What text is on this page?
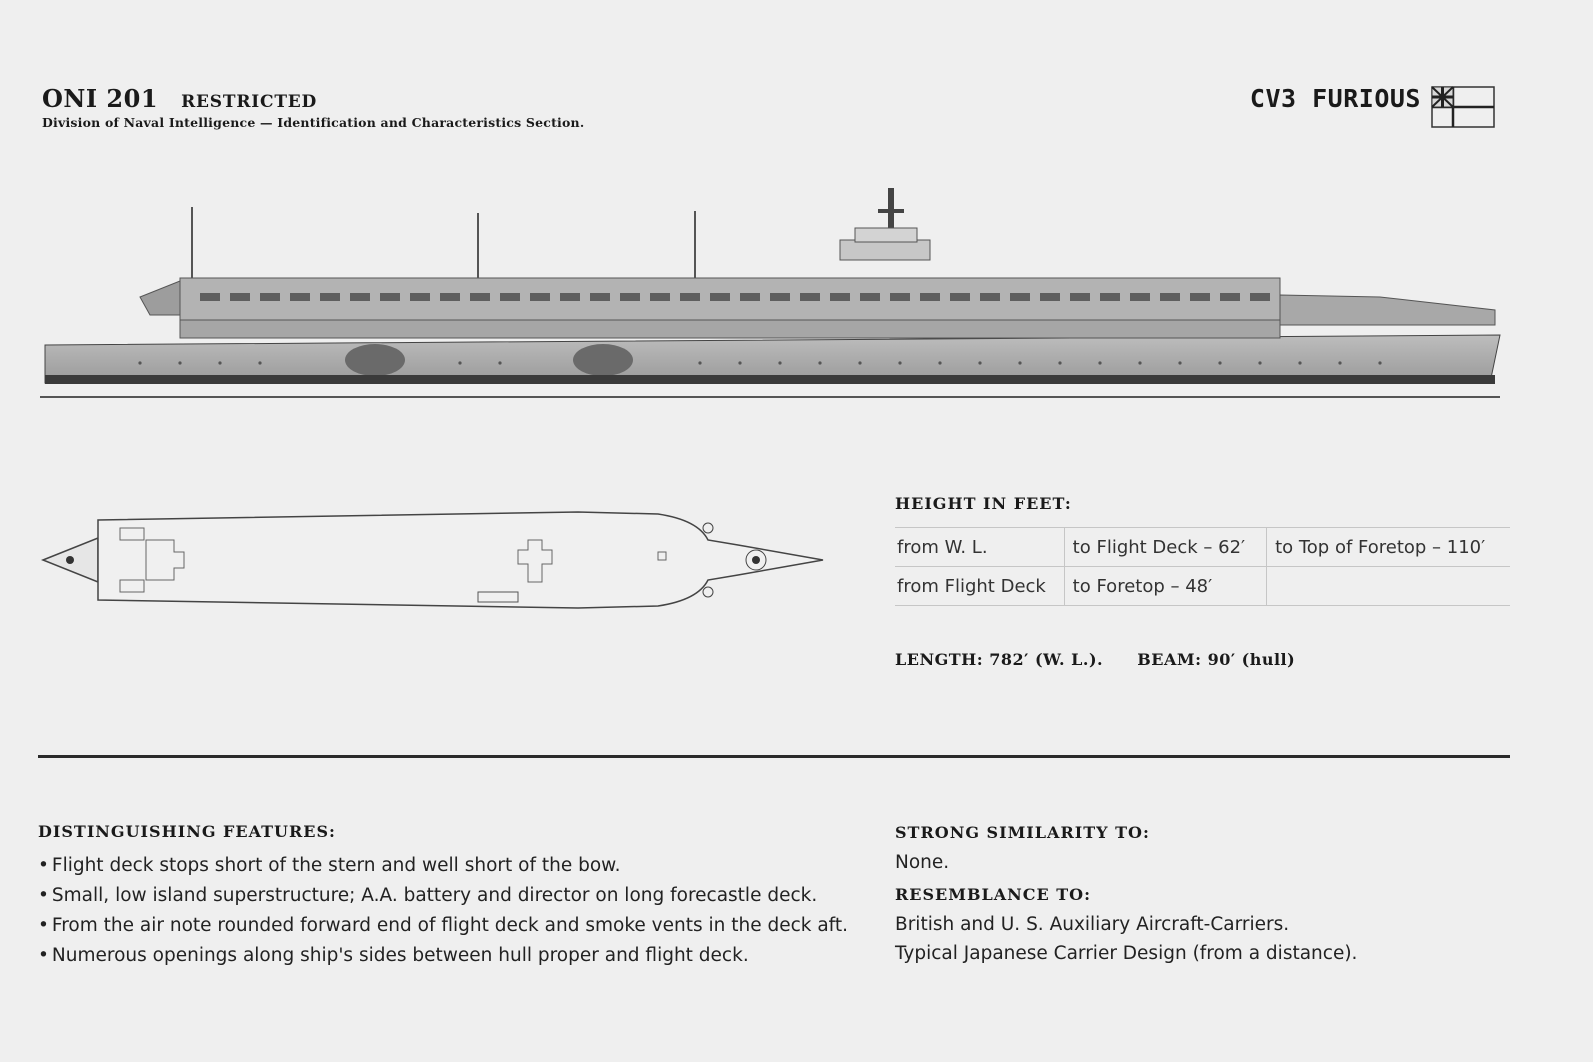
ONI 201 RESTRICTED
Division of Naval Intelligence — Identification and Characteristics Section.
CV3 FURIOUS
HEIGHT IN FEET:
from W. L.	to Flight Deck – 62′	to Top of Foretop – 110′
from Flight Deck	to Foretop – 48′	
LENGTH: 782′ (W. L.). BEAM: 90′ (hull)
DISTINGUISHING FEATURES:
• Flight deck stops short of the stern and well short of the bow.
• Small, low island superstructure; A.A. battery and director on long forecastle deck.
• From the air note rounded forward end of flight deck and smoke vents in the deck aft.
• Numerous openings along ship's sides between hull proper and flight deck.
STRONG SIMILARITY TO:
None.
RESEMBLANCE TO:
British and U. S. Auxiliary Aircraft-Carriers.
Typical Japanese Carrier Design (from a distance).
